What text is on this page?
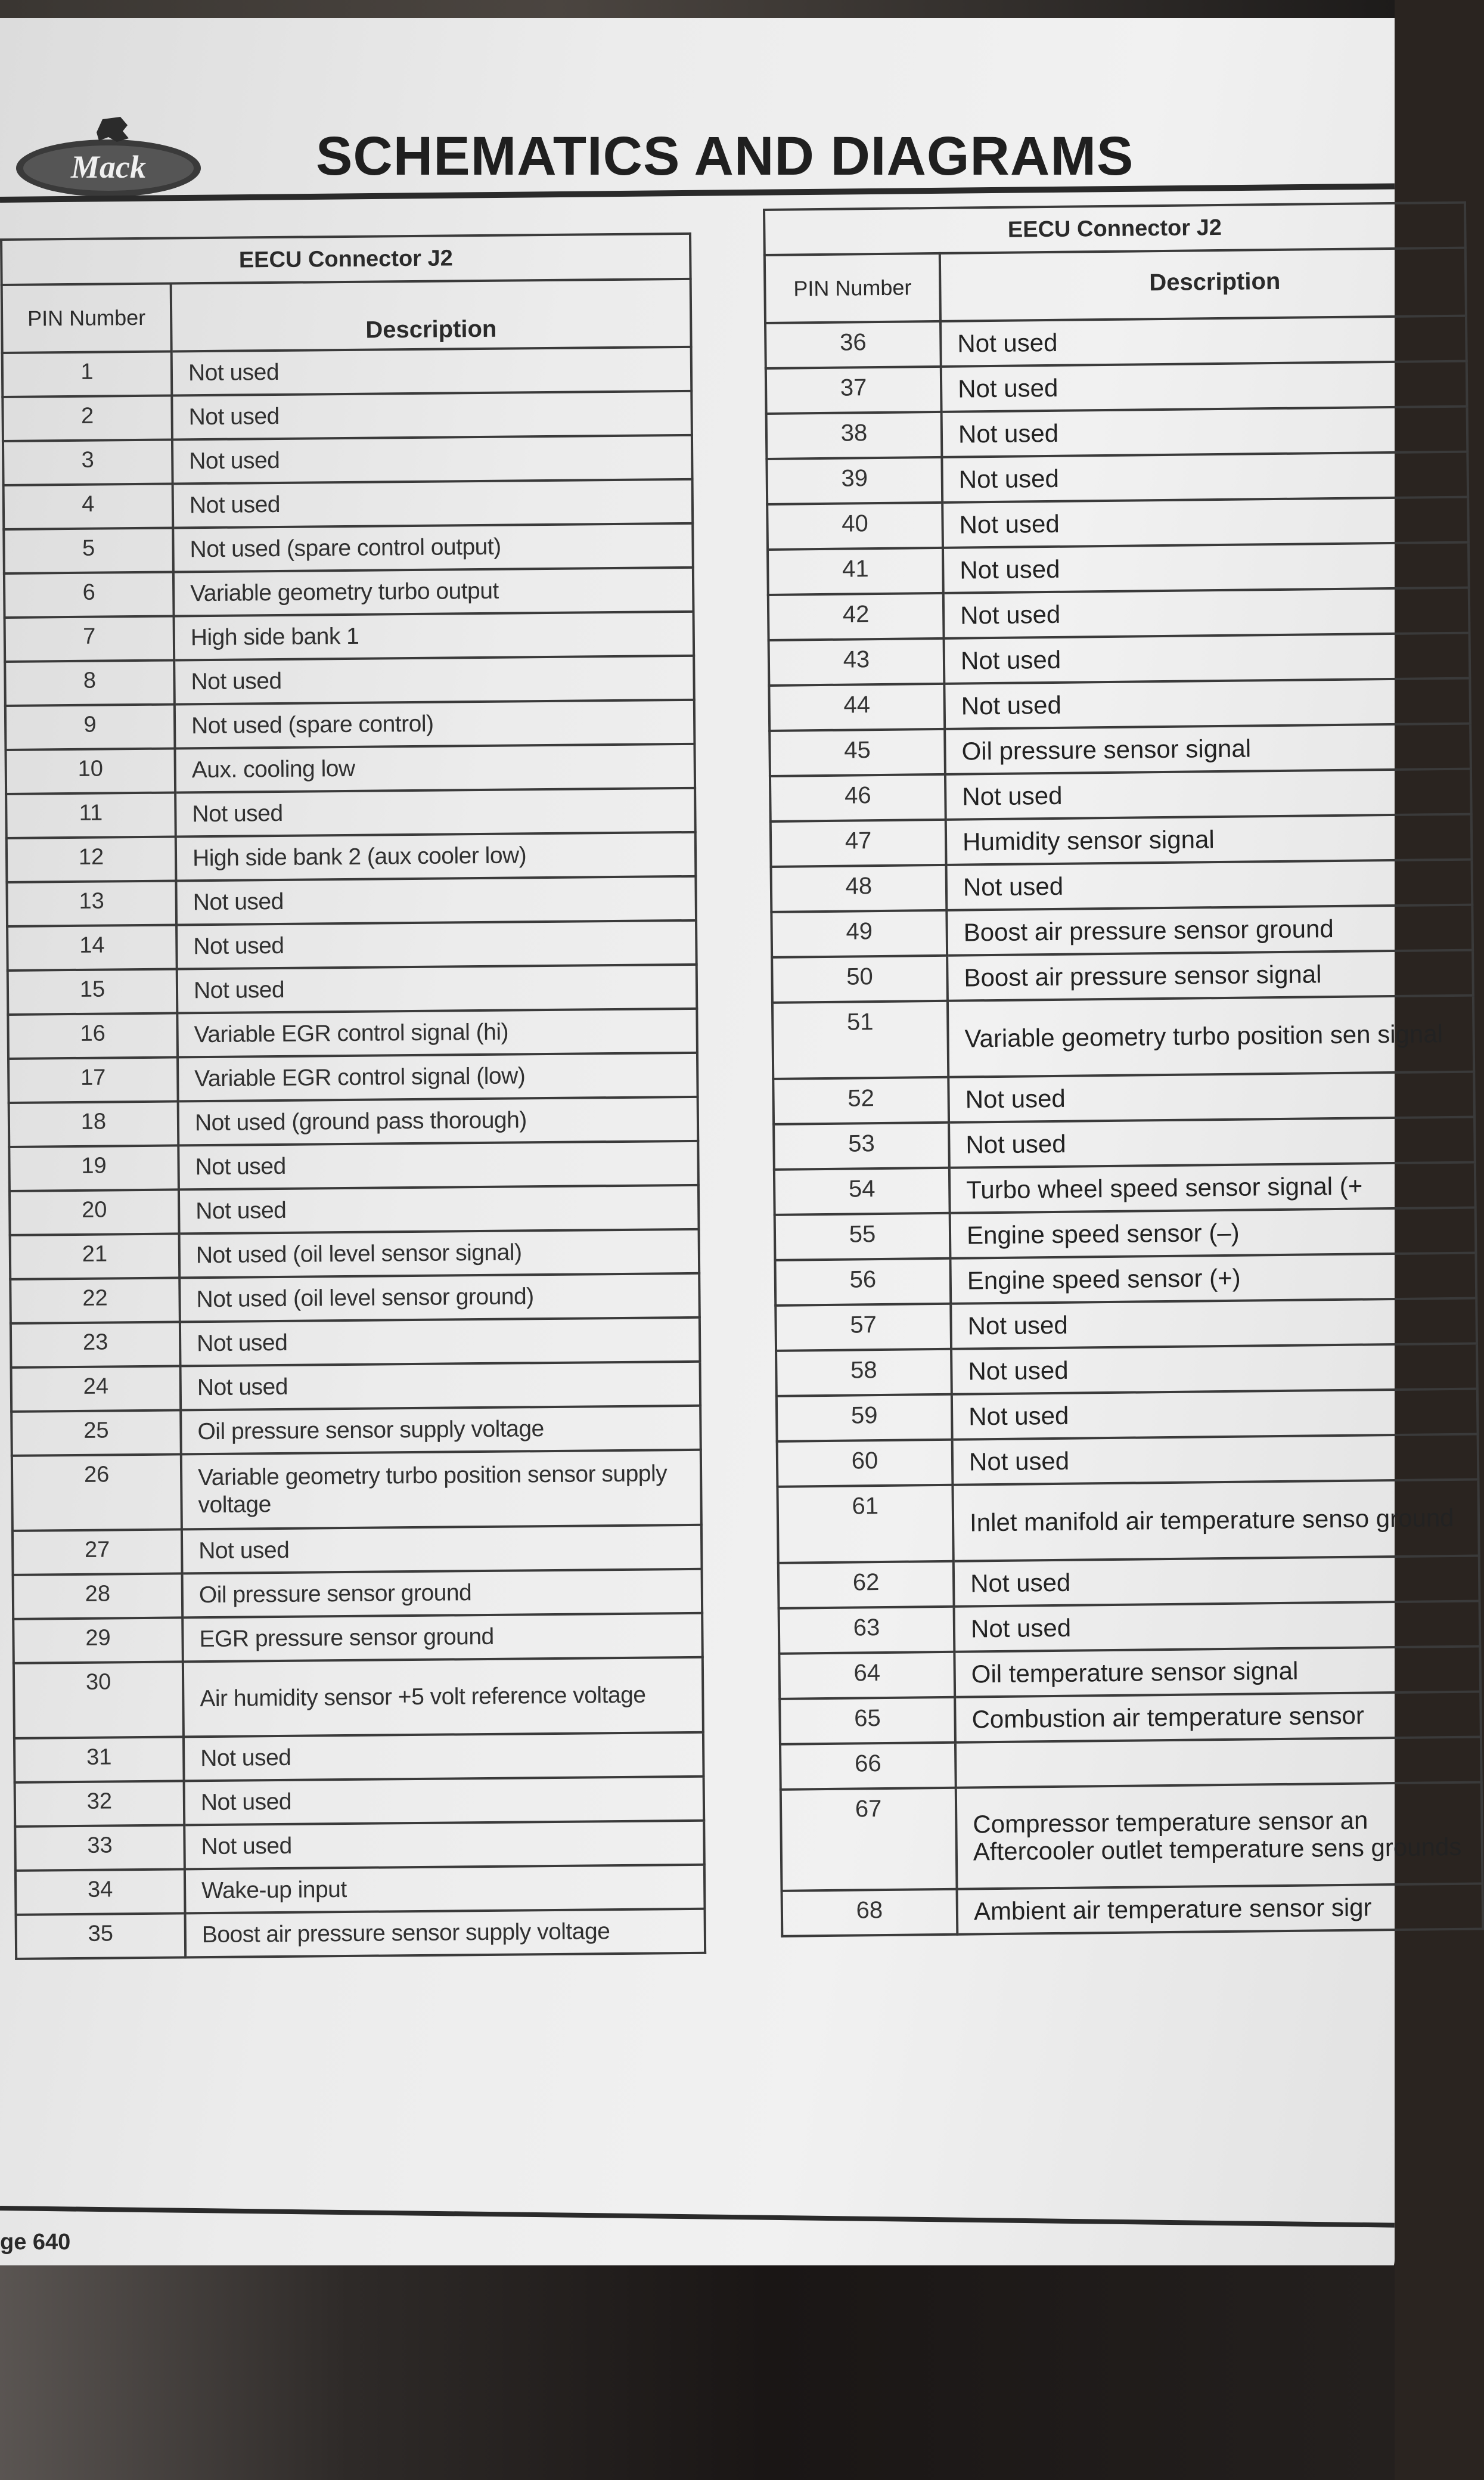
Mack	SCHEMATICS AND DIAGRAMS
EECU Connector J2	
PIN Number	Description
1	Not used
2	Not used
3	Not used
4	Not used
5	Not used (spare control output)
6	Variable geometry turbo output
7	High side bank 1
8	Not used
9	Not used (spare control)
10	Aux. cooling low
11	Not used
12	High side bank 2 (aux cooler low)
13	Not used
14	Not used
15	Not used
16	Variable EGR control signal (hi)
17	Variable EGR control signal (low)
18	Not used (ground pass thorough)
19	Not used
20	Not used
21	Not used (oil level sensor signal)
22	Not used (oil level sensor ground)
23	Not used
24	Not used
25	Oil pressure sensor supply voltage
26	Variable geometry turbo position sensor supply voltage
27	Not used
28	Oil pressure sensor ground
29	EGR pressure sensor ground
30	Air humidity sensor +5 volt reference voltage
31	Not used
32	Not used
33	Not used
34	Wake-up input
35	Boost air pressure sensor supply voltage
EECU Connector J2	
PIN Number	Description
36	Not used
37	Not used
38	Not used
39	Not used
40	Not used
41	Not used
42	Not used
43	Not used
44	Not used
45	Oil pressure sensor signal
46	Not used
47	Humidity sensor signal
48	Not used
49	Boost air pressure sensor ground
50	Boost air pressure sensor signal
51	Variable geometry turbo position sen signal
52	Not used
53	Not used
54	Turbo wheel speed sensor signal (+
55	Engine speed sensor (–)
56	Engine speed sensor (+)
57	Not used
58	Not used
59	Not used
60	Not used
61	Inlet manifold air temperature senso ground
62	Not used
63	Not used
64	Oil temperature sensor signal
65	Combustion air temperature sensor
66	
67	Compressor temperature sensor an Aftercooler outlet temperature sens grounds
68	Ambient air temperature sensor sigr
ge 640
